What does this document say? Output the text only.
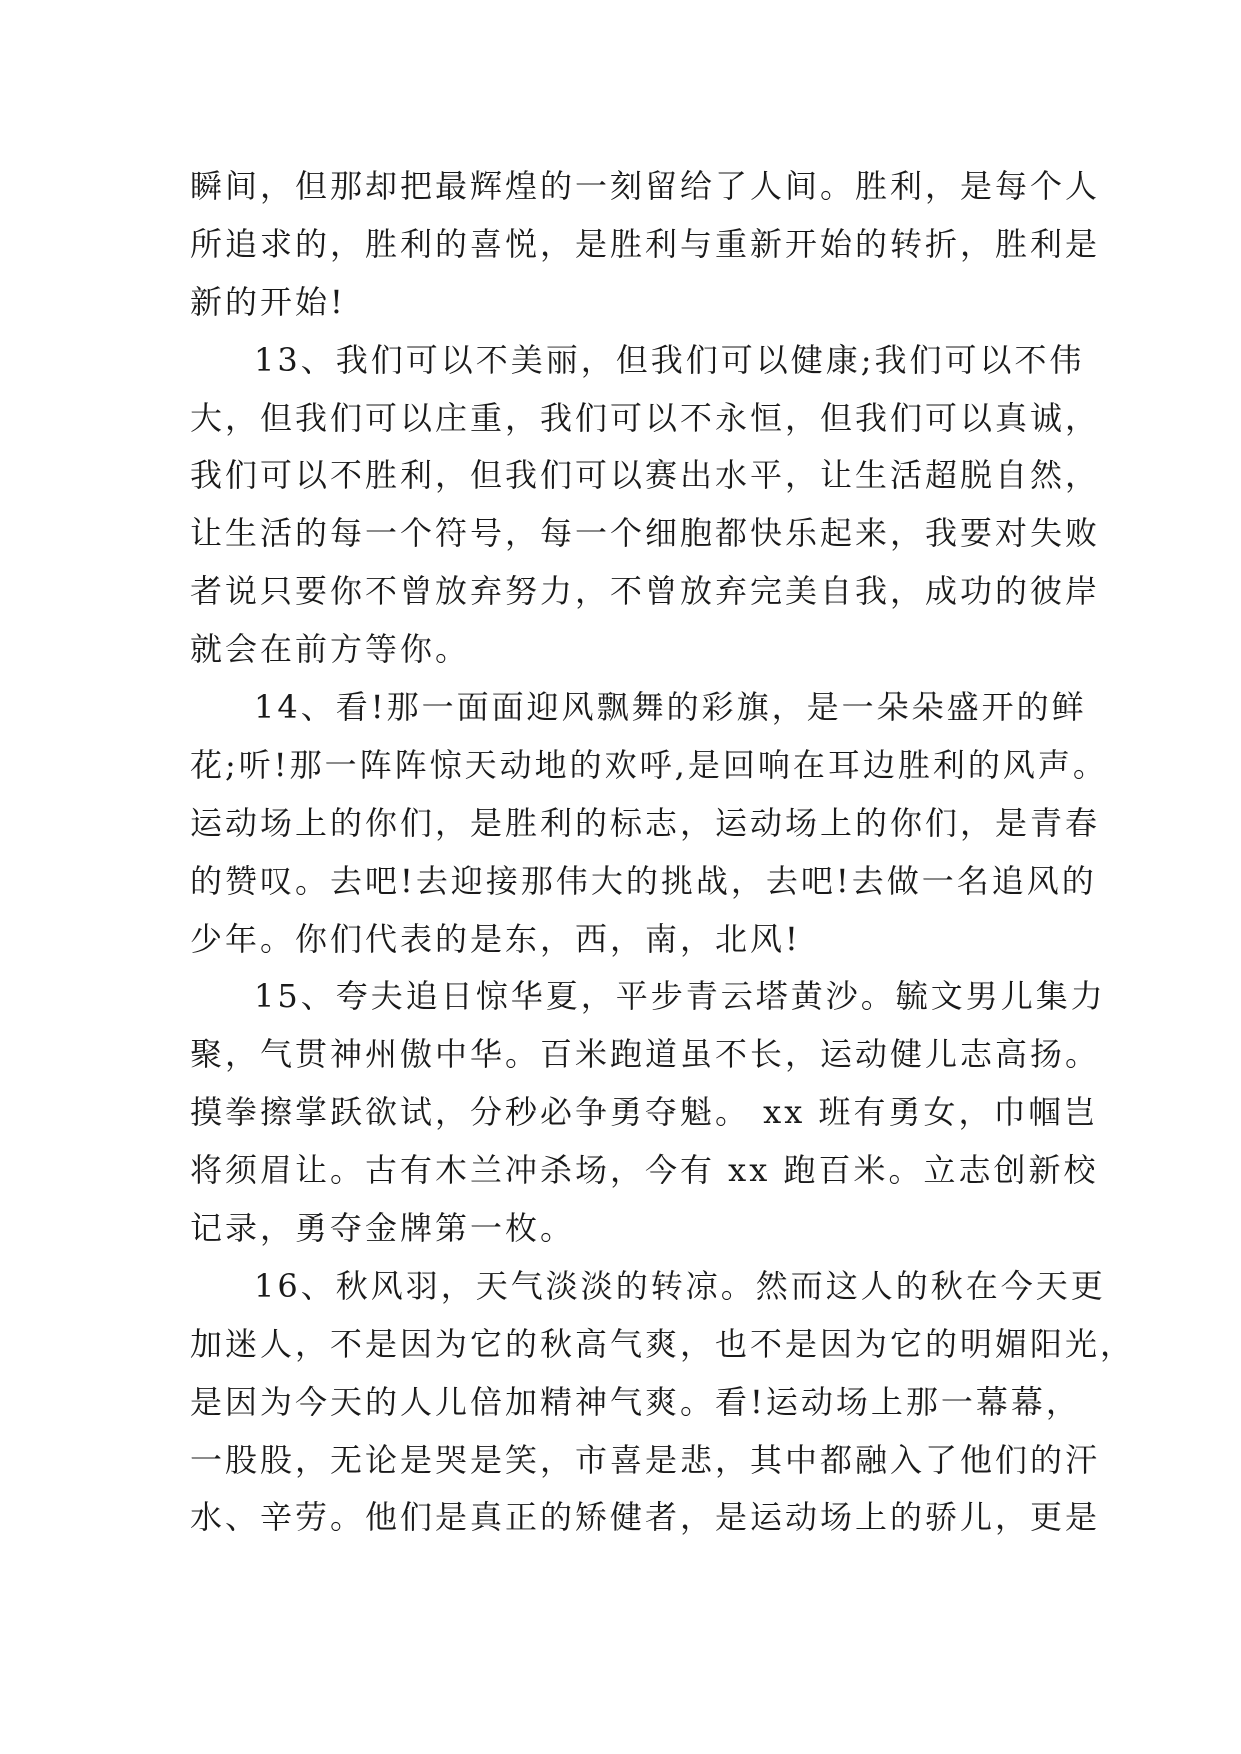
瞬间，但那却把最辉煌的一刻留给了人间。胜利，是每个人
所追求的，胜利的喜悦，是胜利与重新开始的转折，胜利是
新的开始!
13、我们可以不美丽，但我们可以健康;我们可以不伟
大，但我们可以庄重，我们可以不永恒，但我们可以真诚，
我们可以不胜利，但我们可以赛出水平，让生活超脱自然，
让生活的每一个符号，每一个细胞都快乐起来，我要对失败
者说只要你不曾放弃努力，不曾放弃完美自我，成功的彼岸
就会在前方等你。
14、看!那一面面迎风飘舞的彩旗，是一朵朵盛开的鲜
花;听!那一阵阵惊天动地的欢呼,是回响在耳边胜利的风声。
运动场上的你们，是胜利的标志，运动场上的你们，是青春
的赞叹。去吧!去迎接那伟大的挑战，去吧!去做一名追风的
少年。你们代表的是东，西，南，北风!
15、夸夫追日惊华夏，平步青云塔黄沙。毓文男儿集力
聚，气贯神州傲中华。百米跑道虽不长，运动健儿志高扬。
摸拳擦掌跃欲试，分秒必争勇夺魁。 xx 班有勇女，巾帼岂
将须眉让。古有木兰冲杀场，今有 xx 跑百米。立志创新校
记录，勇夺金牌第一枚。
16、秋风羽，天气淡淡的转凉。然而这人的秋在今天更
加迷人，不是因为它的秋高气爽，也不是因为它的明媚阳光，
是因为今天的人儿倍加精神气爽。看!运动场上那一幕幕，
一股股，无论是哭是笑，市喜是悲，其中都融入了他们的汗
水、辛劳。他们是真正的矫健者，是运动场上的骄儿，更是
